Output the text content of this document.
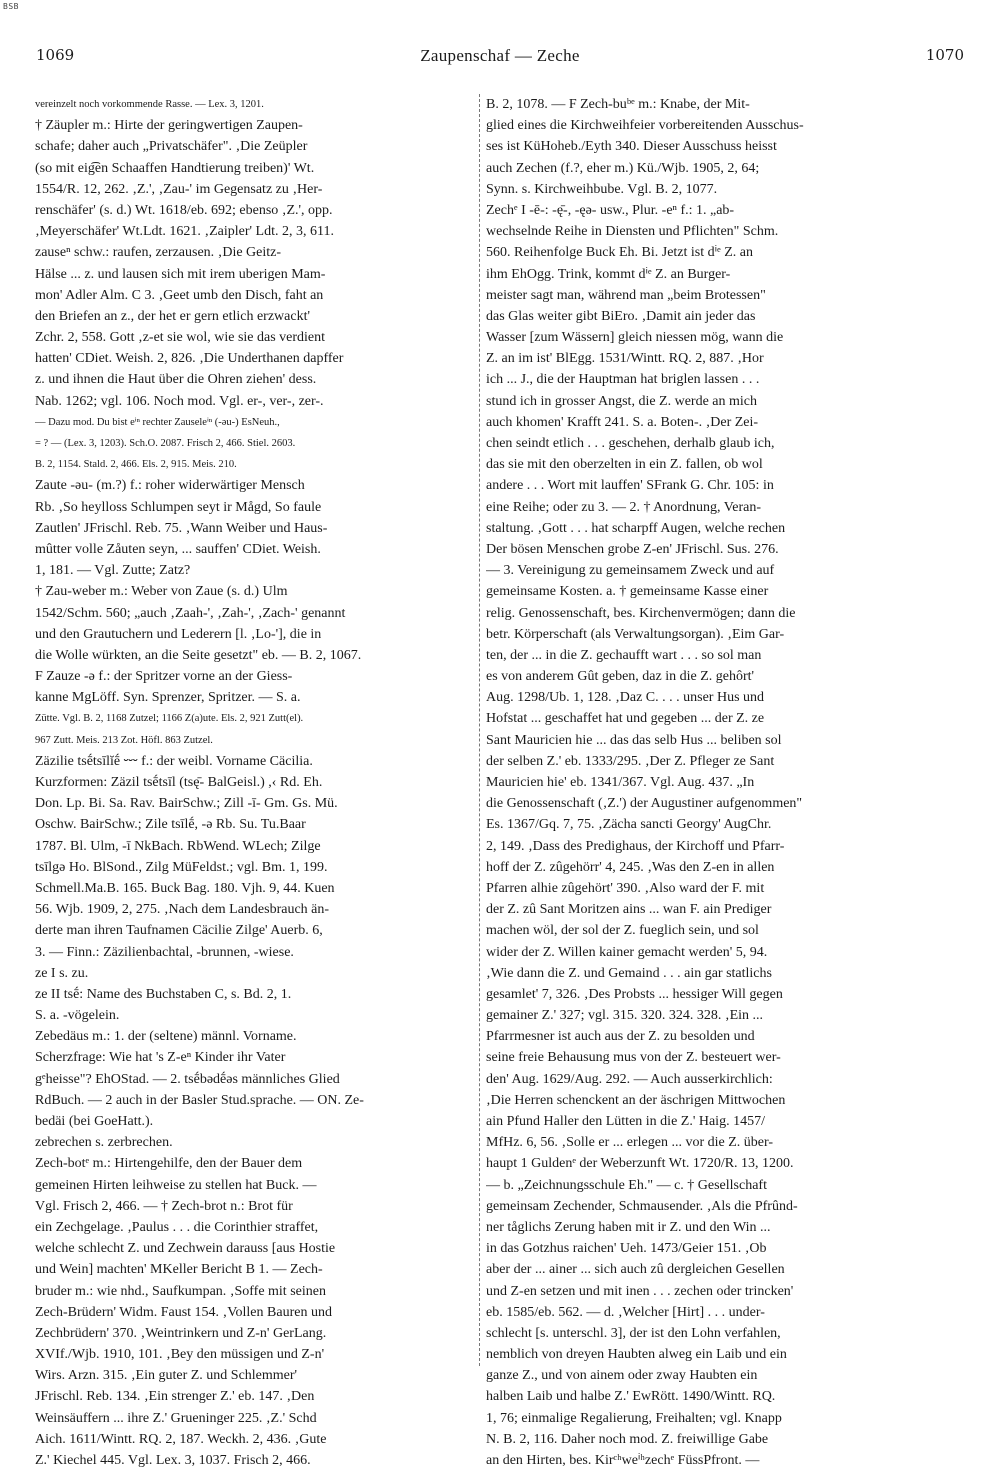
BSB
1069	Zaupenschaf — Zeche	1070
vereinzelt noch vorkommende Rasse. — Lex. 3, 1201.
† Zäupler m.: Hirte der geringwertigen Zaupen-
schafe; daher auch „Privatschäfer". ‚Die Zeüpler
(so mit eig͡en Schaaffen Handtierung treiben)' Wt.
1554/R. 12, 262. ‚Z.', ‚Zau-' im Gegensatz zu ‚Her-
renschäfer' (s. d.) Wt. 1618/eb. 692; ebenso ‚Z.', opp.
‚Meyerschäfer' Wt.Ldt. 1621. ‚Zaipler' Ldt. 2, 3, 611.
zauseⁿ schw.: raufen, zerzausen. ‚Die Geitz-
Hälse ... z. und lausen sich mit irem uberigen Mam-
mon' Adler Alm. C 3. ‚Geet umb den Disch, faht an
den Briefen an z., der het er gern etlich erzwackt'
Zchr. 2, 558. Gott ‚z-et sie wol, wie sie das verdient
hatten' CDiet. Weish. 2, 826. ‚Die Underthanen dapffer
z. und ihnen die Haut über die Ohren ziehen' dess.
Nab. 1262; vgl. 106. Noch mod. Vgl. er-, ver-, zer-.
— Dazu mod. Du bist eⁱⁿ rechter Zauseleⁱⁿ (-əu-) EsNeuh.,
= ? — (Lex. 3, 1203). Sch.O. 2087. Frisch 2, 466. Stiel. 2603.
B. 2, 1154. Stald. 2, 466. Els. 2, 915. Meis. 210.
Zaute -əu- (m.?) f.: roher widerwärtiger Mensch
Rb. ‚So heylloss Schlumpen seyt ir Mågd, So faule
Zautlen' JFrischl. Reb. 75. ‚Wann Weiber und Haus-
mûtter volle Zåuten seyn, ... sauffen' CDiet. Weish.
1, 181. — Vgl. Zutte; Zatz?
† Zau-weber m.: Weber von Zaue (s. d.) Ulm
1542/Schm. 560; „auch ‚Zaah-', ‚Zah-', ‚Zach-' genannt
und den Grautuchern und Lederern [l. ‚Lo-'], die in
die Wolle würkten, an die Seite gesetzt" eb. — B. 2, 1067.
F Zauze -ə f.: der Spritzer vorne an der Giess-
kanne MgLöff. Syn. Sprenzer, Spritzer. — S. a.
Zütte. Vgl. B. 2, 1168 Zutzel; 1166 Z(a)ute. Els. 2, 921 Zutt(el).
967 Zutt. Meis. 213 Zot. Höfl. 863 Zutzel.
Zäzilie tsḗtsīlĭḗ ⏑⏑⏑ f.: der weibl. Vorname Cäcilia.
Kurzformen: Zäzil tsḗtsīl (tsę̄- BalGeisl.) ,‹ Rd. Eh.
Don. Lp. Bi. Sa. Rav. BairSchw.; Zill -ī- Gm. Gs. Mü.
Oschw. BairSchw.; Zile tsīlḗ, -ə Rb. Su. Tu.Baar
1787. Bl. Ulm, -ī NkBach. RbWend. WLech; Zilge
tsīlgə Ho. BlSond., Zilg MüFeldst.; vgl. Bm. 1, 199.
Schmell.Ma.B. 165. Buck Bag. 180. Vjh. 9, 44. Kuen
56. Wjb. 1909, 2, 275. ‚Nach dem Landesbrauch än-
derte man ihren Taufnamen Cäcilie Zilge' Auerb. 6,
3. — Finn.: Zäzilienbachtal, -brunnen, -wiese.
ze I s. zu.
ze II tsḗ: Name des Buchstaben C, s. Bd. 2, 1.
S. a. -vögelein.
Zebedäus m.: 1. der (seltene) männl. Vorname.
Scherzfrage: Wie hat 's Z-eⁿ Kinder ihr Vater
gᵉheisse"? EhOStad. — 2. tsḗbədḗəs männliches Glied
RdBuch. — 2 auch in der Basler Stud.sprache. — ON. Ze-
bedäi (bei GoeHatt.).
zebrechen s. zerbrechen.
Zech-botᵉ m.: Hirtengehilfe, den der Bauer dem
gemeinen Hirten leihweise zu stellen hat Buck. —
Vgl. Frisch 2, 466. — † Zech-brot n.: Brot für
ein Zechgelage. ‚Paulus . . . die Corinthier straffet,
welche schlecht Z. und Zechwein darauss [aus Hostie
und Wein] machten' MKeller Bericht B 1. — Zech-
bruder m.: wie nhd., Saufkumpan. ‚Soffe mit seinen
Zech-Brüdern' Widm. Faust 154. ‚Vollen Bauren und
Zechbrüdern' 370. ‚Weintrinkern und Z-n' GerLang.
XVIf./Wjb. 1910, 101. ‚Bey den müssigen und Z-n'
Wirs. Arzn. 315. ‚Ein guter Z. und Schlemmer'
JFrischl. Reb. 134. ‚Ein strenger Z.' eb. 147. ‚Den
Weinsäuffern ... ihre Z.' Grueninger 225. ‚Z.' Schd
Aich. 1611/Wintt. RQ. 2, 187. Weckh. 2, 436. ‚Gute
Z.' Kiechel 445. Vgl. Lex. 3, 1037. Frisch 2, 466.
B. 2, 1078. — F Zech-buᵇᵉ m.: Knabe, der Mit-
glied eines die Kirchweihfeier vorbereitenden Ausschus-
ses ist KüHoheb./Eyth 340. Dieser Ausschuss heisst
auch Zechen (f.?, eher m.) Kü./Wjb. 1905, 2, 64;
Synn. s. Kirchweihbube. Vgl. B. 2, 1077.
Zechᵉ I -ē-: -ę̄-, -ęə- usw., Plur. -eⁿ f.: 1. „ab-
wechselnde Reihe in Diensten und Pflichten" Schm.
560. Reihenfolge Buck Eh. Bi. Jetzt ist dⁱᵉ Z. an
ihm EhOgg. Trink, kommt dⁱᵉ Z. an Burger-
meister sagt man, während man „beim Brotessen"
das Glas weiter gibt BiEro. ‚Damit ain jeder das
Wasser [zum Wässern] gleich niessen mög, wann die
Z. an im ist' BlEgg. 1531/Wintt. RQ. 2, 887. ‚Hor
ich ... J., die der Hauptman hat briglen lassen . . .
stund ich in grosser Angst, die Z. werde an mich
auch khomen' Krafft 241. S. a. Boten-. ‚Der Zei-
chen seindt etlich . . . geschehen, derhalb glaub ich,
das sie mit den oberzelten in ein Z. fallen, ob wol
andere . . . Wort mit lauffen' SFrank G. Chr. 105: in
eine Reihe; oder zu 3. — 2. † Anordnung, Veran-
staltung. ‚Gott . . . hat scharpff Augen, welche rechen
Der bösen Menschen grobe Z-en' JFrischl. Sus. 276.
— 3. Vereinigung zu gemeinsamem Zweck und auf
gemeinsame Kosten. a. † gemeinsame Kasse einer
relig. Genossenschaft, bes. Kirchenvermögen; dann die
betr. Körperschaft (als Verwaltungsorgan). ‚Eim Gar-
ten, der ... in die Z. gechaufft wart . . . so sol man
es von anderem Gût geben, daz in die Z. gehôrt'
Aug. 1298/Ub. 1, 128. ‚Daz C. . . . unser Hus und
Hofstat ... geschaffet hat und gegeben ... der Z. ze
Sant Mauricien hie ... das das selb Hus ... beliben sol
der selben Z.' eb. 1333/295. ‚Der Z. Pfleger ze Sant
Mauricien hie' eb. 1341/367. Vgl. Aug. 437. „In
die Genossenschaft (‚Z.') der Augustiner aufgenommen"
Es. 1367/Gq. 7, 75. ‚Zächa sancti Georgy' AugChr.
2, 149. ‚Dass des Predighaus, der Kirchoff und Pfarr-
hoff der Z. zûgehörr' 4, 245. ‚Was den Z-en in allen
Pfarren alhie zûgehört' 390. ‚Also ward der F. mit
der Z. zû Sant Moritzen ains ... wan F. ain Prediger
machen wöl, der sol der Z. fueglich sein, und sol
wider der Z. Willen kainer gemacht werden' 5, 94.
‚Wie dann die Z. und Gemaind . . . ain gar statlichs
gesamlet' 7, 326. ‚Des Probsts ... hessiger Will gegen
gemainer Z.' 327; vgl. 315. 320. 324. 328. ‚Ein ...
Pfarrmesner ist auch aus der Z. zu besolden und
seine freie Behausung mus von der Z. besteuert wer-
den' Aug. 1629/Aug. 292. — Auch ausserkirchlich:
‚Die Herren schenckent an der äschrigen Mittwochen
ain Pfund Haller den Lütten in die Z.' Haig. 1457/
MfHz. 6, 56. ‚Solle er ... erlegen ... vor die Z. über-
haupt 1 Guldenᵉ der Weberzunft Wt. 1720/R. 13, 1200.
— b. „Zeichnungsschule Eh." — c. † Gesellschaft
gemeinsam Zechender, Schmausender. ‚Als die Pfrûnd-
ner tåglichs Zerung haben mit ir Z. und den Win ...
in das Gotzhus raichen' Ueh. 1473/Geier 151. ‚Ob
aber der ... ainer ... sich auch zû dergleichen Gesellen
und Z-en setzen und mit inen . . . zechen oder trincken'
eb. 1585/eb. 562. — d. ‚Welcher [Hirt] . . . under-
schlecht [s. unterschl. 3], der ist den Lohn verfahlen,
nemblich von dreyen Haubten alweg ein Laib und ein
ganze Z., und von ainem oder zway Haubten ein
halben Laib und halbe Z.' EwRött. 1490/Wintt. RQ.
1, 76; einmalige Regalierung, Freihalten; vgl. Knapp
N. B. 2, 116. Daher noch mod. Z. freiwillige Gabe
an den Hirten, bes. Kirᶜʰweⁱʰzechᵉ FüssPfront. —
